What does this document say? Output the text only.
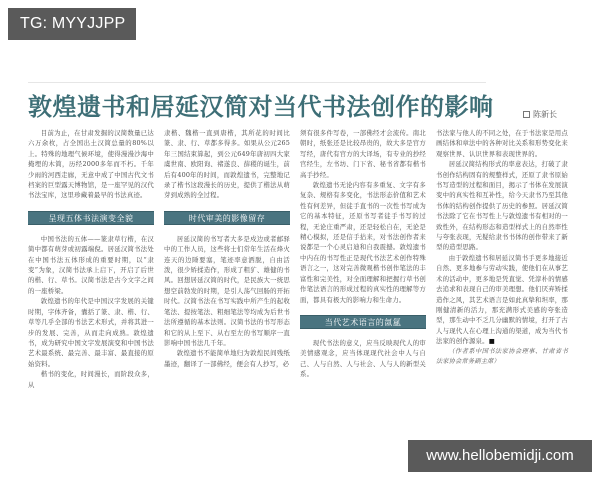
TG: MYYJJPP
敦煌遗书和居延汉简对当代书法创作的影响	陈新长

目前为止，在甘肃发掘的汉简数量已达六万余枚，占全国出土汉简总量的80%以上。特殊的地理气候环境，使得漫漫沙海中掩埋的木简，历经2000多年而不朽。千年少雨的河西走廊，无意中成了中国古代文书档案的巨型露天博物馆，是一座罕见的汉代书法宝库，这里珍藏着最早的书法真迹。

呈现五体书法演变全貌

中国书法的五体——篆隶草行楷，在汉简中都有萌芽或初露端倪。居延汉简书法处在中国书法五体形成的重要时期，以“隶变”为象，汉简书法承上启下，开启了后世的楷、行、草书。汉简书法是古今文字之间的一座桥梁。

敦煌遗书的年代是中国汉字发展的关键时期，字体齐备，囊括了篆、隶、楷、行、草等几乎全部的书法艺术形式，并将其进一步的发展、完善，从而走向成熟。敦煌遗书，成为研究中国文字发展演变和中国书法艺术最系统、最完善、最丰富、最直接的原始资料。

楷书的变化，时间漫长，而阶段众多，从

隶楷、魏楷一直到唐楷，其所花的时间比篆、隶、行、草都多得多。如果从公元265年三国结束算起，到公元649年唐初四大家虞世南、欧阳询、褚遂良、薛稷的诞生，前后有400年的时间，而敦煌遗书，完整地记录了楷书这段漫长的历史，提供了楷法从萌芽到成熟的全过程。

时代审美的影像留存

居延汉简的书写者大多是戍边或者邮驿中的工作人员，这些将士们常年生活在烽火连天的边陲要塞，笔迹率意洒脱，自由活泼，很少矫揉造作，形成了粗犷、雄健的书风。回想居延汉简的时代，是民族大一统思想空前勃发的时期，是引人荡气回肠的开拓时代。汉简书法在书写实践中所产生的起收笔法、提按笔法、粗细笔法等均成为后世书法所遵循的基本法则。汉简书法的书写形态和它的从上至下、从右至左的书写顺序一直影响中国书法几千年。

敦煌遗书不能简单地归为敦煌民间残纸墨迹，翻译了一部佛经，便会有人抄写，必

须有很多件写卷，一部佛经才会流传。南北朝时，纸张还是比较昂贵的，故大多是官方写经，唐代有官方的大译场，有专业的抄经官经生，左书坊、门下省、秘书省都有楷书高手抄经。

敦煌遗书无论内容有多重复、文字有多复杂、规格有多变化，书法形态价值和艺术性有何差异，但徒手直书的一次性书写成为它的基本特征，还原书写者徒手书写的过程，无论庄重严肃，还是轻松自在，无论是精心模拟，还是信手拈来，对书法创作者来说都是一个心灵启迪和自我震撼。敦煌遗书中内在的书写性正是现代书法艺术创作特殊语言之一，这对完善微观楷书创作笔法的丰富性和完美性，对全面理解和把握行草书创作笔法语言的形成过程的真实性的理解等方面，都具有极大的影响力和生命力。

当代艺术语言的氤氲

现代书法的意义，应当反映现代人的审美情感观念，应当体现现代社会中人与自己、人与自然、人与社会、人与人的新型关系。

书法家与他人的不同之处，在于书法家是用点画结体和章法中的各种对比关系和形势变化来观察世界、认识世界和表现世界的。

居延汉简结构形式的率意表达，打破了隶书创作结构固有的规整样式，还原了隶书原始书写造型的过程和面目，揭示了书体在发展演变中的真实性和互补性，给今天隶书乃至其他书体的结构创作提供了历史的参照。居延汉简书法除了它在书写性上与敦煌遗书有相对的一致性外，在结构形态和造型样式上的自然率性与夸张表现，无疑给隶书书体的创作带来了新型的造型思路。

由于敦煌遗书和居延汉简书手更多地接近自然、更多地参与劳动实践，使他们在从事艺术的活动中，更多地是凭直觉、凭淳朴的情感去追求和表现自己的审美理想。他们厌弃矫揉造作之风，其艺术语言是如此真挚和坦率，那刚健清新的活力，那充满形式美感的夸张造型，那生动中不乏几分幽默的情境，打开了古人与现代人在心理上沟通的渠道，成为当代书法家的创作源泉。■

（作者系中国书法家协会理事、甘肃省书法家协会常务副主席）

www.hellobemidji.com
